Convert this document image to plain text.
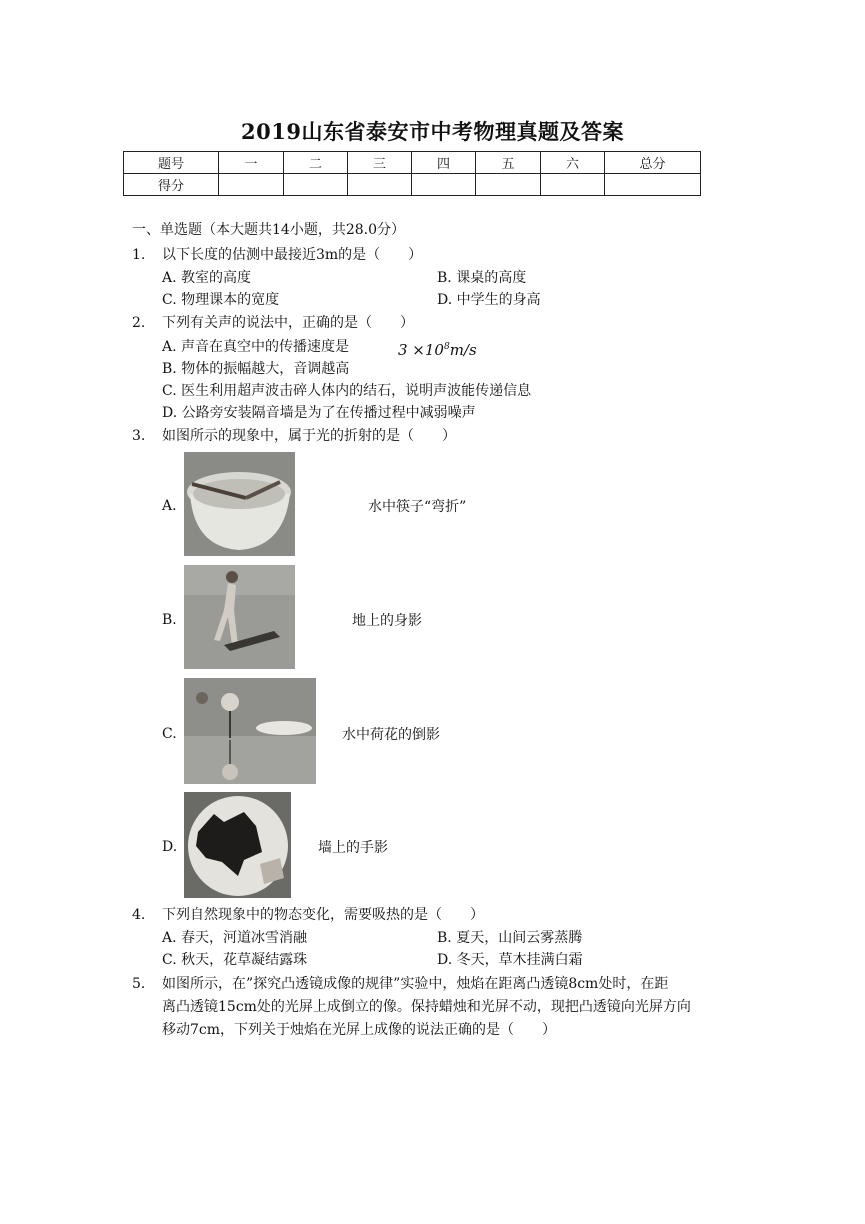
2019山东省泰安市中考物理真题及答案
题号	一	二	三	四	五	六	总分
得分							
一、单选题（本大题共14小题，共28.0分）
1. 以下长度的估测中最接近3m的是（　　）
A. 教室的高度	B. 课桌的高度
C. 物理课本的宽度	D. 中学生的身高
2. 下列有关声的说法中，正确的是（　　）
A. 声音在真空中的传播速度是	$3 \times 10^8m/s$
B. 物体的振幅越大，音调越高
C. 医生利用超声波击碎人体内的结石，说明声波能传递信息
D. 公路旁安装隔音墙是为了在传播过程中减弱噪声
3. 如图所示的现象中，属于光的折射的是（　　）
A.	水中筷子“弯折”
B.	地上的身影
C.	水中荷花的倒影
D.	墙上的手影
4. 下列自然现象中的物态变化，需要吸热的是（　　）
A. 春天，河道冰雪消融	B. 夏天，山间云雾蒸腾
C. 秋天，花草凝结露珠	D. 冬天，草木挂满白霜
5. 如图所示，在”探究凸透镜成像的规律”实验中，烛焰在距离凸透镜8cm处时，在距
离凸透镜15cm处的光屏上成倒立的像。保持蜡烛和光屏不动，现把凸透镜向光屏方向
移动7cm，下列关于烛焰在光屏上成像的说法正确的是（　　）
